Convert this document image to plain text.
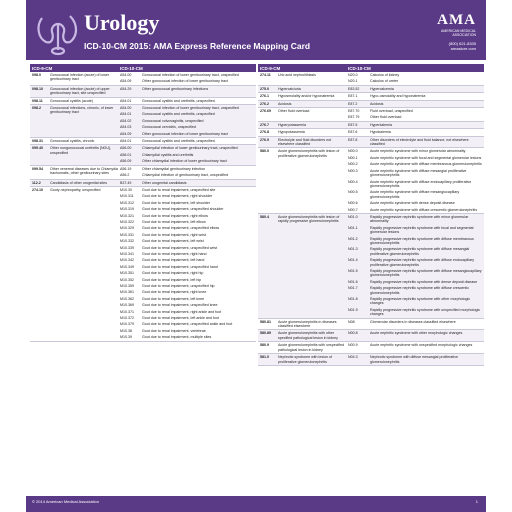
Urology
ICD-10-CM 2015: AMA Express Reference Mapping Card
AMA
AMERICAN MEDICAL ASSOCIATION
(800) 621-8335
amastore.com
ICD-9-CM	ICD-10-CM
098.0	Gonococcal infection (acute) of lower genitourinary tract
A54.00	Gonococcal infection of lower genitourinary tract, unspecified
A54.09	Other gonococcal infection of lower genitourinary tract
098.10	Gonococcal infection (acute) of upper genitourinary tract, site unspecified
A54.29	Other gonococcal genitourinary infections
098.11	Gonococcal cystitis (acute)	A54.01	Gonococcal cystitis and urethritis, unspecified
098.2	Gonococcal infections, chronic, of lower genitourinary tract
A54.00	Gonococcal infection of lower genitourinary tract, unspecified
A54.01	Gonococcal cystitis and urethritis, unspecified
A54.02	Gonococcal vulvovaginitis, unspecified
A54.03	Gonococcal cervicitis, unspecified
A54.09	Other gonococcal infection of lower genitourinary tract
098.31	Gonococcal cystitis, chronic	A54.01	Gonococcal cystitis and urethritis, unspecified
099.40	Other nongonococcal urethritis [NGU], unspecified
A56.00	Chlamydial infection of lower genitourinary tract, unspecified
A56.01	Chlamydial cystitis and urethritis
A56.09	Other chlamydial infection of lower genitourinary tract
099.54	Other venereal diseases due to Chlamydia trachomatis, other genitourinary sites
A56.19	Other chlamydial genitourinary infection
A56.2	Chlamydial infection of genitourinary tract, unspecified
112.2	Candidiasis of other urogenital sites	B37.49	Other urogenital candidiasis
274.10	Gouty nephropathy, unspecified	M10.30	Gout due to renal impairment, unspecified site
M10.311	Gout due to renal impairment, right shoulder
M10.312	Gout due to renal impairment, left shoulder
M10.319	Gout due to renal impairment, unspecified shoulder
M10.321	Gout due to renal impairment, right elbow
M10.322	Gout due to renal impairment, left elbow
M10.329	Gout due to renal impairment, unspecified elbow
M10.331	Gout due to renal impairment, right wrist
M10.332	Gout due to renal impairment, left wrist
M10.339	Gout due to renal impairment, unspecified wrist
M10.341	Gout due to renal impairment, right hand
M10.342	Gout due to renal impairment, left hand
M10.349	Gout due to renal impairment, unspecified hand
M10.351	Gout due to renal impairment, right hip
M10.352	Gout due to renal impairment, left hip
M10.359	Gout due to renal impairment, unspecified hip
M10.361	Gout due to renal impairment, right knee
M10.362	Gout due to renal impairment, left knee
M10.369	Gout due to renal impairment, unspecified knee
M10.371	Gout due to renal impairment, right ankle and foot
M10.372	Gout due to renal impairment, left ankle and foot
M10.379	Gout due to renal impairment, unspecified ankle and foot
M10.38	Gout due to renal impairment, vertebrae
M10.39	Gout due to renal impairment, multiple sites
ICD-9-CM	ICD-10-CM
274.11	Uric acid nephrolithiasis	N20.0	Calculus of kidney
N20.1	Calculus of ureter
275.0	Hypercalciuria	E83.52	Hypercalcemia
276.1	Hyposmolality and/or hyponatremia	E87.1	Hypo-osmolality and hyponatremia
276.2	Acidosis	E87.2	Acidosis
276.69	Other fluid overload	E87.70	Fluid overload, unspecified
E87.79	Other fluid overload
276.7	Hyperpotassemia	E87.5	Hyperkalemia
276.8	Hypopotassemia	E87.6	Hypokalemia
276.9	Electrolyte and fluid disorders not elsewhere classified
E87.8	Other disorders of electrolyte and fluid balance, not elsewhere classified
580.0	Acute glomerulonephritis with lesion of proliferative glomerulonephritis
N00.0	Acute nephritic syndrome with minor glomerular abnormality
N00.1	Acute nephritic syndrome with focal and segmental glomerular lesions
N00.2	Acute nephritic syndrome with diffuse membranous glomerulonephritis
N00.3	Acute nephritic syndrome with diffuse mesangial proliferative glomerulonephritis
N00.4	Acute nephritic syndrome with diffuse endocapillary proliferative glomerulonephritis
N00.5	Acute nephritic syndrome with diffuse mesangiocapillary glomerulonephritis
N00.6	Acute nephritic syndrome with dense deposit disease
N00.7	Acute nephritic syndrome with diffuse crescentic glomerulonephritis
580.4	Acute glomerulonephritis with lesion of rapidly progressive glomerulonephritis
N01.0	Rapidly progressive nephritic syndrome with minor glomerular abnormality
N01.1	Rapidly progressive nephritic syndrome with focal and segmental glomerular lesions
N01.2	Rapidly progressive nephritic syndrome with diffuse membranous glomerulonephritis
N01.3	Rapidly progressive nephritic syndrome with diffuse mesangial proliferative glomerulonephritis
N01.4	Rapidly progressive nephritic syndrome with diffuse endocapillary proliferative glomerulonephritis
N01.5	Rapidly progressive nephritic syndrome with diffuse mesangiocapillary glomerulonephritis
N01.6	Rapidly progressive nephritic syndrome with dense deposit disease
N01.7	Rapidly progressive nephritic syndrome with diffuse crescentic glomerulonephritis
N01.8	Rapidly progressive nephritic syndrome with other morphologic changes
N01.9	Rapidly progressive nephritic syndrome with unspecified morphologic changes
580.81	Acute glomerulonephritis in diseases classified elsewhere
N08	Glomerular disorders in diseases classified elsewhere
580.89	Acute glomerulonephritis with other specified pathological lesion in kidney
N00.8	Acute nephritic syndrome with other morphologic changes
580.9	Acute glomerulonephritis with unspecified pathological lesion in kidney
N00.9	Acute nephritic syndrome with unspecified morphologic changes
581.0	Nephrotic syndrome with lesion of proliferative glomerulonephritis
N04.3	Nephrotic syndrome with diffuse mesangial proliferative glomerulonephritis
© 2014 American Medical Association	1
